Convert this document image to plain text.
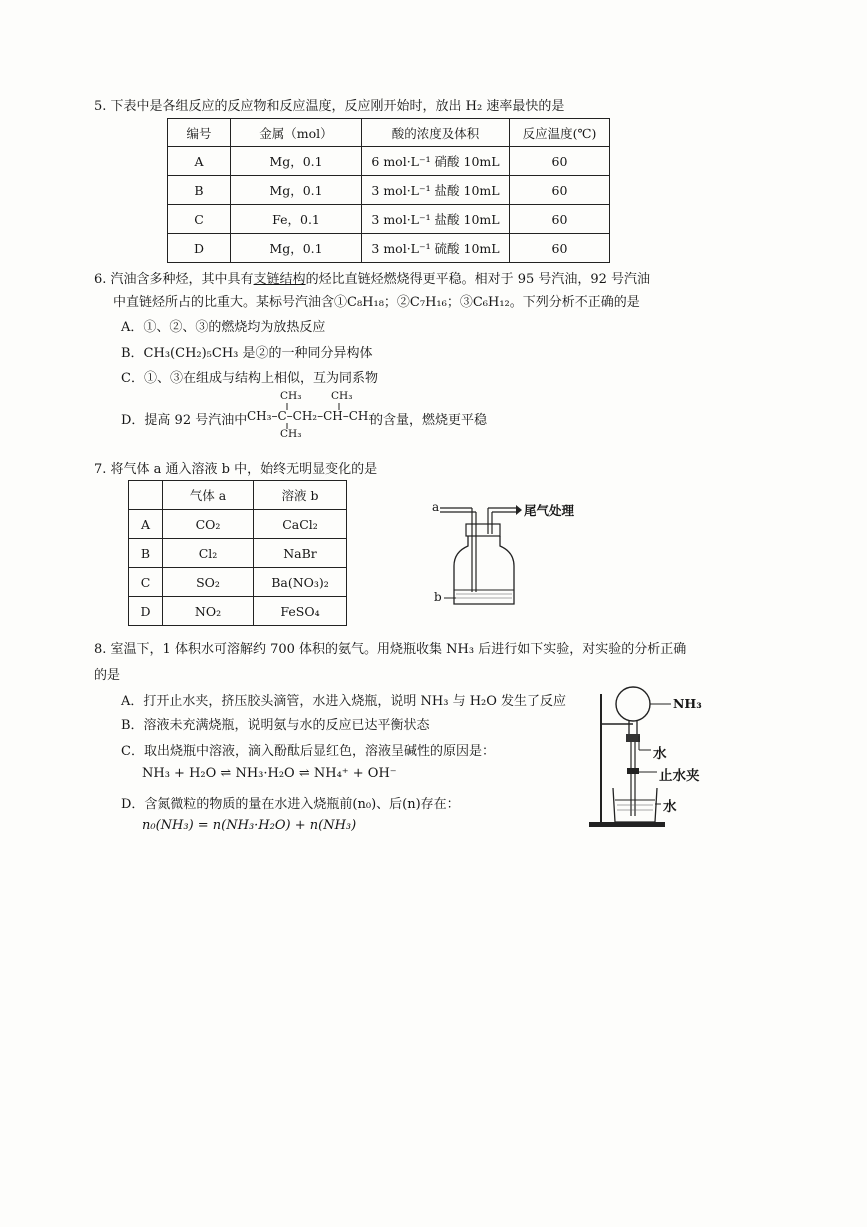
5. 下表中是各组反应的反应物和反应温度，反应刚开始时，放出 H₂ 速率最快的是
编号	金属（mol）	酸的浓度及体积	反应温度(℃)
A	Mg，0.1	6 mol·L⁻¹ 硝酸 10mL	60
B	Mg，0.1	3 mol·L⁻¹ 盐酸 10mL	60
C	Fe，0.1	3 mol·L⁻¹ 盐酸 10mL	60
D	Mg，0.1	3 mol·L⁻¹ 硫酸 10mL	60
6. 汽油含多种烃，其中具有支链结构的烃比直链烃燃烧得更平稳。相对于 95 号汽油，92 号汽油
中直链烃所占的比重大。某标号汽油含①C₈H₁₈；②C₇H₁₆；③C₆H₁₂。下列分析不正确的是
A．①、②、③的燃烧均为放热反应
B．CH₃(CH₂)₅CH₃ 是②的一种同分异构体
C．①、③在组成与结构上相似，互为同系物
D．提高 92 号汽油中
CH₃	CH₃
CH₃–C–CH₂–CH–CH₃
CH₃
的含量，燃烧更平稳
7. 将气体 a 通入溶液 b 中，始终无明显变化的是
	气体 a	溶液 b
A	CO₂	CaCl₂
B	Cl₂	NaBr
C	SO₂	Ba(NO₃)₂
D	NO₂	FeSO₄
a	尾气处理
b
8. 室温下，1 体积水可溶解约 700 体积的氨气。用烧瓶收集 NH₃ 后进行如下实验，对实验的分析正确
的是
A．打开止水夹，挤压胶头滴管，水进入烧瓶，说明 NH₃ 与 H₂O 发生了反应
B．溶液未充满烧瓶，说明氨与水的反应已达平衡状态
C．取出烧瓶中溶液，滴入酚酞后显红色，溶液呈碱性的原因是：
NH₃ + H₂O ⇌ NH₃·H₂O ⇌ NH₄⁺ + OH⁻
D．含氮微粒的物质的量在水进入烧瓶前(n₀)、后(n)存在：
n₀(NH₃) = n(NH₃·H₂O) + n(NH₃)
NH₃
水
止水夹
水
